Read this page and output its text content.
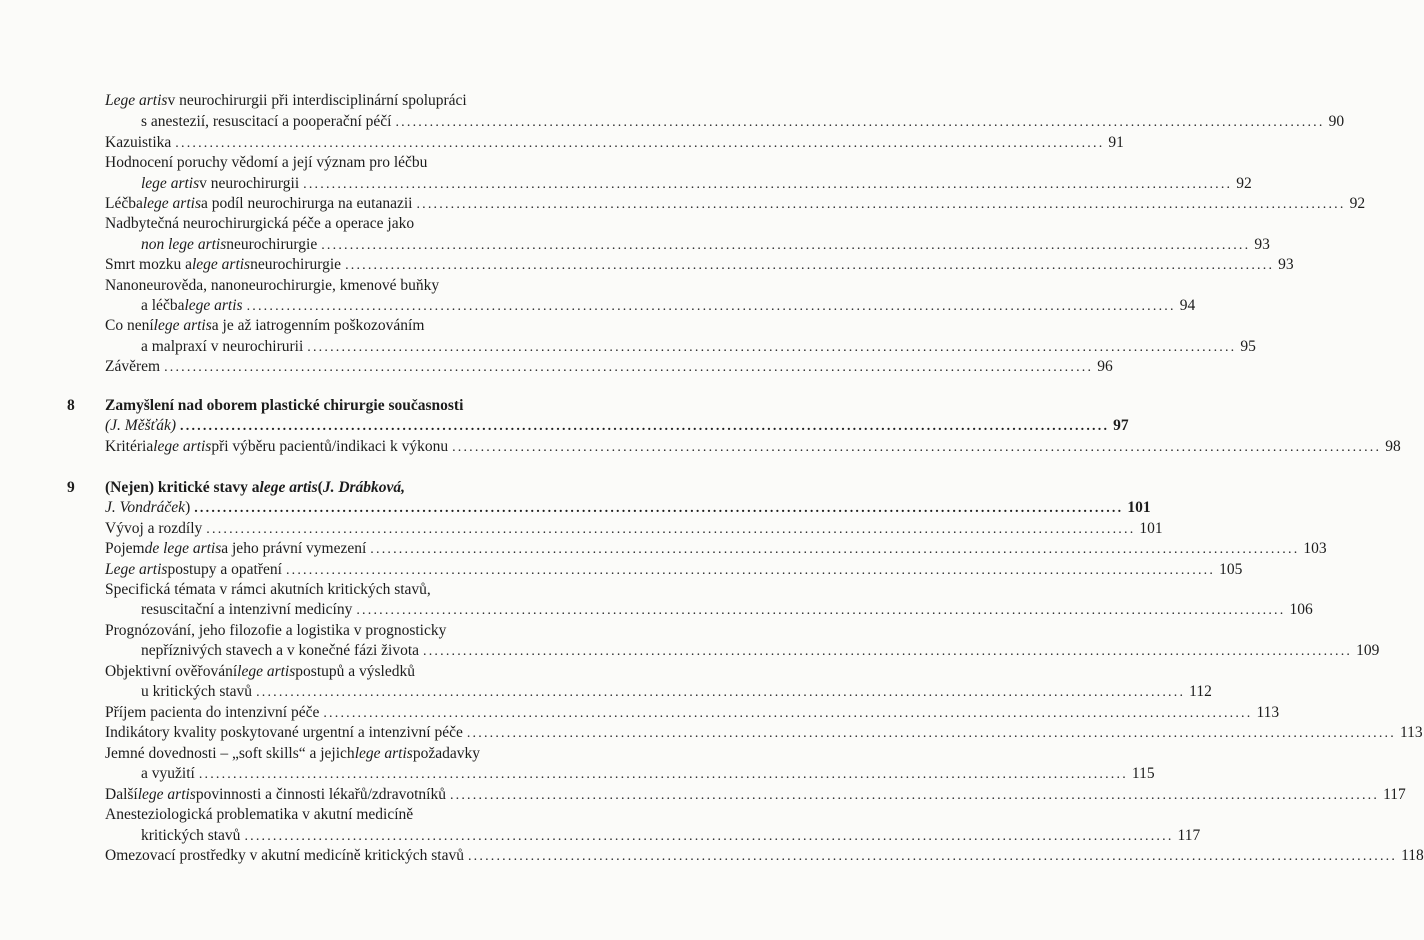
8
9
Lege artis v neurochirurgii při interdisciplinární spolupráci
s anestezií, resuscitací a pooperační péčí ................................................................................................................................................................... 90
Kazuistika ................................................................................................................................................................... 91
Hodnocení poruchy vědomí a její význam pro léčbu
lege artis v neurochirurgii ................................................................................................................................................................... 92
Léčba lege artis a podíl neurochirurga na eutanazii ................................................................................................................................................................... 92
Nadbytečná neurochirurgická péče a operace jako
non lege artis neurochirurgie ................................................................................................................................................................... 93
Smrt mozku a lege artis neurochirurgie ................................................................................................................................................................... 93
Nanoneurověda, nanoneurochirurgie, kmenové buňky
a léčba lege artis ................................................................................................................................................................... 94
Co není lege artis a je až iatrogenním poškozováním
a malpraxí v neurochirurii ................................................................................................................................................................... 95
Závěrem ................................................................................................................................................................... 96
Zamyšlení nad oborem plastické chirurgie současnosti
(J. Měšťák) ................................................................................................................................................................... 97
Kritéria lege artis při výběru pacientů/indikaci k výkonu ................................................................................................................................................................... 98
(Nejen) kritické stavy a lege artis ( J. Drábková,
J. Vondráček ) ................................................................................................................................................................... 101
Vývoj a rozdíly ................................................................................................................................................................... 101
Pojem de lege artis a jeho právní vymezení ................................................................................................................................................................... 103
Lege artis postupy a opatření ................................................................................................................................................................... 105
Specifická témata v rámci akutních kritických stavů,
resuscitační a intenzivní medicíny ................................................................................................................................................................... 106
Prognózování, jeho filozofie a logistika v prognosticky
nepříznivých stavech a v konečné fázi života ................................................................................................................................................................... 109
Objektivní ověřování lege artis postupů a výsledků
u kritických stavů ................................................................................................................................................................... 112
Příjem pacienta do intenzivní péče ................................................................................................................................................................... 113
Indikátory kvality poskytované urgentní a intenzivní péče ................................................................................................................................................................... 113
Jemné dovednosti – „soft skills“ a jejich lege artis požadavky
a využití ................................................................................................................................................................... 115
Další lege artis povinnosti a činnosti lékařů/zdravotníků ................................................................................................................................................................... 117
Anesteziologická problematika v akutní medicíně
kritických stavů ................................................................................................................................................................... 117
Omezovací prostředky v akutní medicíně kritických stavů ................................................................................................................................................................... 118
